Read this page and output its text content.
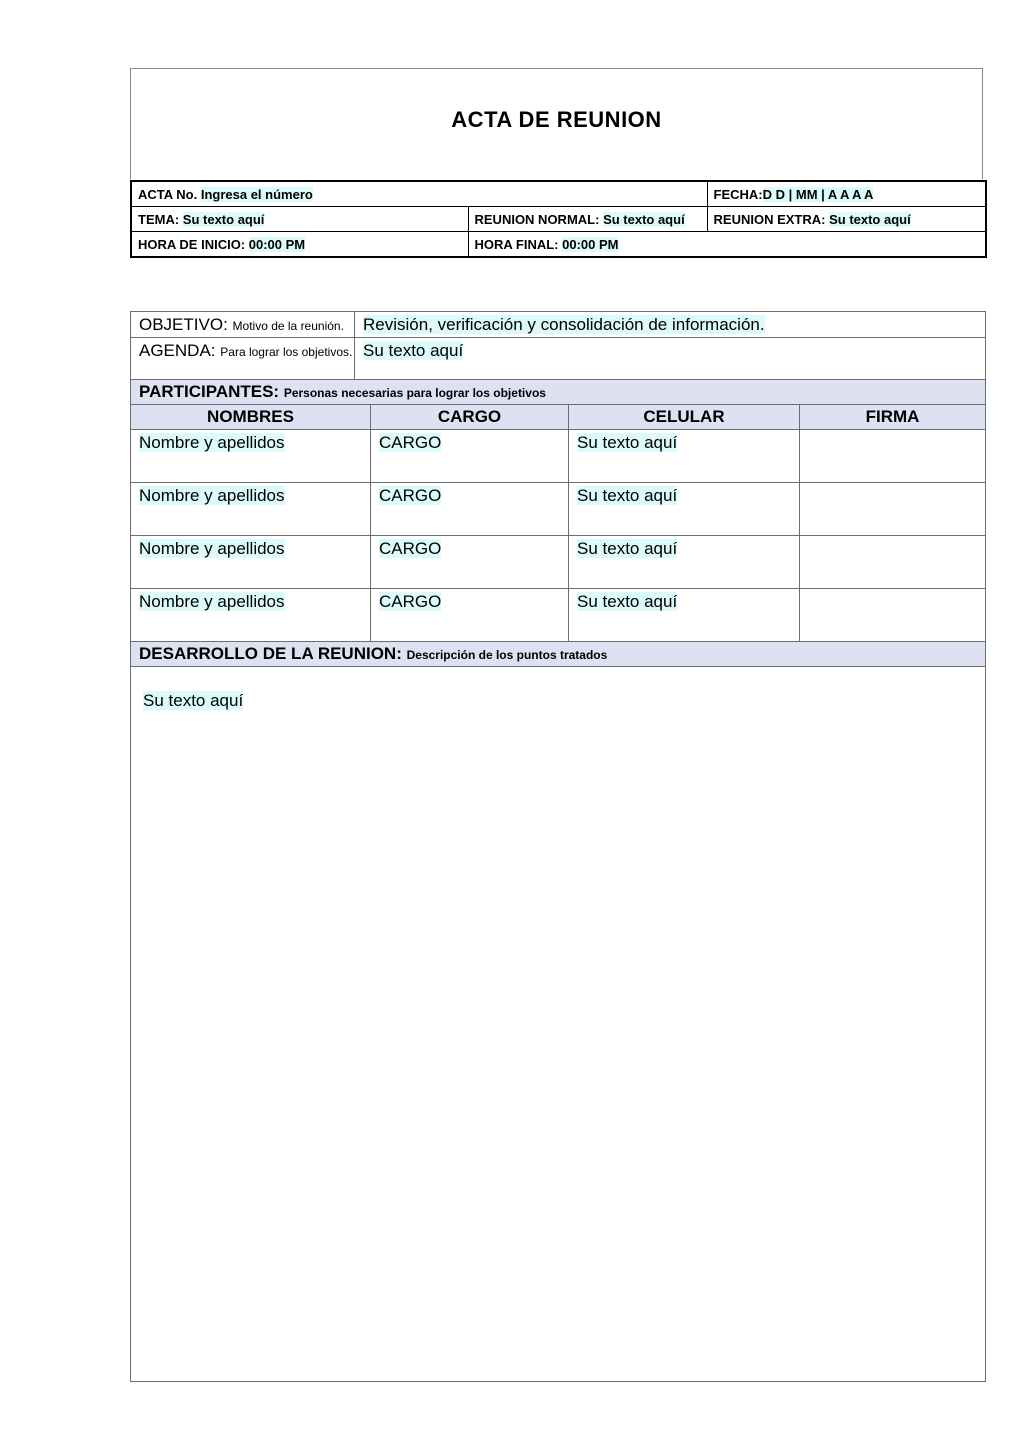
ACTA DE REUNION
ACTA No. Ingresa el número		FECHA:D D | MM | A A A A
TEMA: Su texto aquí	REUNION NORMAL: Su texto aquí	REUNION EXTRA: Su texto aquí
HORA DE INICIO: 00:00 PM	HORA FINAL: 00:00 PM	
OBJETIVO: Motivo de la reunión.	Revisión, verificación y consolidación de información.			
AGENDA: Para lograr los objetivos.	Su texto aquí			
PARTICIPANTES: Personas necesarias para lograr los objetivos				
NOMBRES		CARGO	CELULAR	FIRMA
Nombre y apellidos		CARGO	Su texto aquí	
Nombre y apellidos		CARGO	Su texto aquí	
Nombre y apellidos		CARGO	Su texto aquí	
Nombre y apellidos		CARGO	Su texto aquí	
DESARROLLO DE LA REUNION: Descripción de los puntos tratados				
Su texto aquí				
